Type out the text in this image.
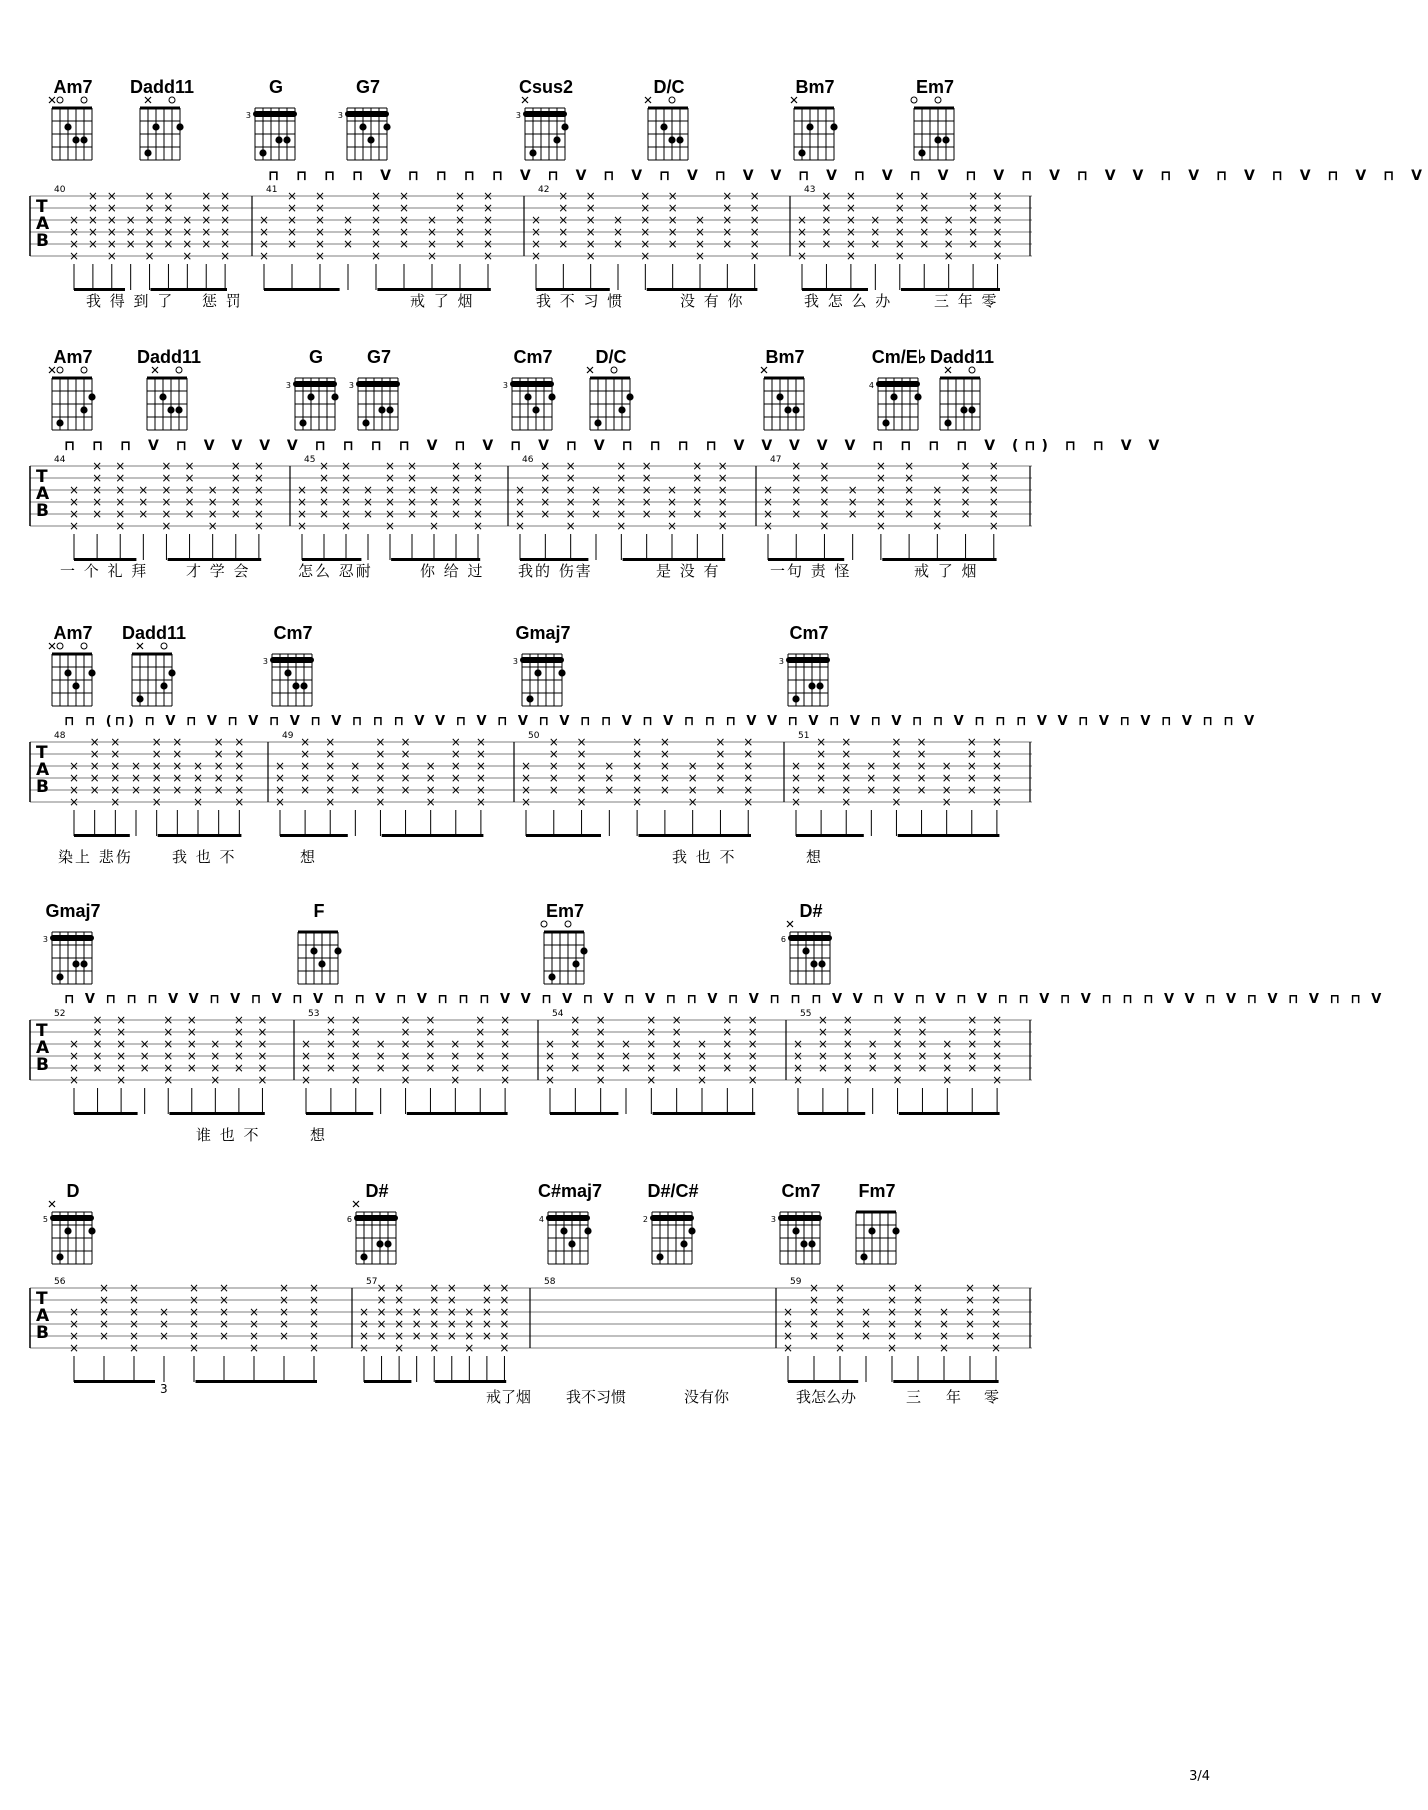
Am7	Dadd11	G
3
G7
3
Csus2
3
D/C	Bm7	Em7
⊓ ⊓ ⊓ ⊓ V ⊓ ⊓ ⊓ ⊓ V ⊓ V ⊓ V ⊓ V ⊓ V V ⊓ V ⊓ V ⊓ V ⊓ V ⊓ V ⊓ V V ⊓ V ⊓ V ⊓ V ⊓ V ⊓ V
T
A
B
40
×
×
×
×
×
×
×
×
×
×
×
×
×
×
×
×
×
×
×
×
×
×
×
×
×
×
×
×
×
×
×
×
×
×
×
×
×
×
×
×
×
×
×
×
41
×
×
×
×
×
×
×
×
×
×
×
×
×
×
×
×
×
×
×
×
×
×
×
×
×
×
×
×
×
×
×
×
×
×
×
×
×
×
×
×
×
×
×
×
42
×
×
×
×
×
×
×
×
×
×
×
×
×
×
×
×
×
×
×
×
×
×
×
×
×
×
×
×
×
×
×
×
×
×
×
×
×
×
×
×
×
×
×
×
43
×
×
×
×
×
×
×
×
×
×
×
×
×
×
×
×
×
×
×
×
×
×
×
×
×
×
×
×
×
×
×
×
×
×
×
×
×
×
×
×
×
×
×
×
我 得 到 了 惩 罚	戒 了 烟	我 不 习 惯	没 有 你	我 怎 么 办	三 年 零
Am7	Dadd11	G
3
G7
3
Cm7
3
D/C	Bm7	Cm/E♭
4
Dadd11
⊓ ⊓ ⊓ V ⊓ V V V V ⊓ ⊓ ⊓ ⊓ V ⊓ V ⊓ V ⊓ V ⊓ ⊓ ⊓ ⊓ V V V V V ⊓ ⊓ ⊓ ⊓ V (⊓) ⊓ ⊓ V V
T
A
B
44
×
×
×
×
×
×
×
×
×
×
×
×
×
×
×
×
×
×
×
×
×
×
×
×
×
×
×
×
×
×
×
×
×
×
×
×
×
×
×
×
×
×
×
×
45
×
×
×
×
×
×
×
×
×
×
×
×
×
×
×
×
×
×
×
×
×
×
×
×
×
×
×
×
×
×
×
×
×
×
×
×
×
×
×
×
×
×
×
×
46
×
×
×
×
×
×
×
×
×
×
×
×
×
×
×
×
×
×
×
×
×
×
×
×
×
×
×
×
×
×
×
×
×
×
×
×
×
×
×
×
×
×
×
×
47
×
×
×
×
×
×
×
×
×
×
×
×
×
×
×
×
×
×
×
×
×
×
×
×
×
×
×
×
×
×
×
×
×
×
×
×
×
×
×
×
×
×
×
×
一 个 礼 拜	才 学 会	怎么 忍耐	你 给 过 我的 伤害	是 没 有	一句 责 怪	戒 了 烟
Am7	Dadd11	Cm7
3
Gmaj7
3
Cm7
3
⊓ ⊓ (⊓) ⊓ V ⊓ V ⊓ V ⊓ V ⊓ V ⊓ ⊓ ⊓ V V ⊓ V ⊓ V ⊓ V ⊓ ⊓ V ⊓ V ⊓ ⊓ ⊓ V V ⊓ V ⊓ V ⊓ V ⊓ ⊓ V ⊓ ⊓ ⊓ V V ⊓ V ⊓ V ⊓ V ⊓ ⊓ V
T
A
B
48
×
×
×
×
×
×
×
×
×
×
×
×
×
×
×
×
×
×
×
×
×
×
×
×
×
×
×
×
×
×
×
×
×
×
×
×
×
×
×
×
×
×
×
×
49
×
×
×
×
×
×
×
×
×
×
×
×
×
×
×
×
×
×
×
×
×
×
×
×
×
×
×
×
×
×
×
×
×
×
×
×
×
×
×
×
×
×
×
×
50
×
×
×
×
×
×
×
×
×
×
×
×
×
×
×
×
×
×
×
×
×
×
×
×
×
×
×
×
×
×
×
×
×
×
×
×
×
×
×
×
×
×
×
×
51
×
×
×
×
×
×
×
×
×
×
×
×
×
×
×
×
×
×
×
×
×
×
×
×
×
×
×
×
×
×
×
×
×
×
×
×
×
×
×
×
×
×
×
×
染上 悲伤	我 也 不	想	我 也 不	想
Gmaj7
3
F	Em7	D#
6
⊓ V ⊓ ⊓ ⊓ V V ⊓ V ⊓ V ⊓ V ⊓ ⊓ V ⊓ V ⊓ ⊓ ⊓ V V ⊓ V ⊓ V ⊓ V ⊓ ⊓ V ⊓ V ⊓ ⊓ ⊓ V V ⊓ V ⊓ V ⊓ V ⊓ ⊓ V ⊓ V ⊓ ⊓ ⊓ V V ⊓ V ⊓ V ⊓ V ⊓ ⊓ V
T
A
B
52
×
×
×
×
×
×
×
×
×
×
×
×
×
×
×
×
×
×
×
×
×
×
×
×
×
×
×
×
×
×
×
×
×
×
×
×
×
×
×
×
×
×
×
×
53
×
×
×
×
×
×
×
×
×
×
×
×
×
×
×
×
×
×
×
×
×
×
×
×
×
×
×
×
×
×
×
×
×
×
×
×
×
×
×
×
×
×
×
×
54
×
×
×
×
×
×
×
×
×
×
×
×
×
×
×
×
×
×
×
×
×
×
×
×
×
×
×
×
×
×
×
×
×
×
×
×
×
×
×
×
×
×
×
×
55
×
×
×
×
×
×
×
×
×
×
×
×
×
×
×
×
×
×
×
×
×
×
×
×
×
×
×
×
×
×
×
×
×
×
×
×
×
×
×
×
×
×
×
×
谁 也 不	想
D
5
D#
6
C#maj7
4
D#/C#
2
Cm7
3
Fm7
T
A
B
56
×
×
×
×
×
×
×
×
×
×
×
×
×
×
×
×
×
×
×
×
×
×
×
×
×
×
×
×
×
×
×
×
×
×
×
×
×
×
×
×
×
×
×
×
57
×
×
×
×
×
×
×
×
×
×
×
×
×
×
×
×
×
×
×
×
×
×
×
×
×
×
×
×
×
×
×
×
×
×
×
×
×
×
×
×
×
×
×
×
58	59
×
×
×
×
×
×
×
×
×
×
×
×
×
×
×
×
×
×
×
×
×
×
×
×
×
×
×
×
×
×
×
×
×
×
×
×
×
×
×
×
×
×
×
×
3	戒了烟 我不习惯	没有你	我怎么办	三 年 零
3/4
